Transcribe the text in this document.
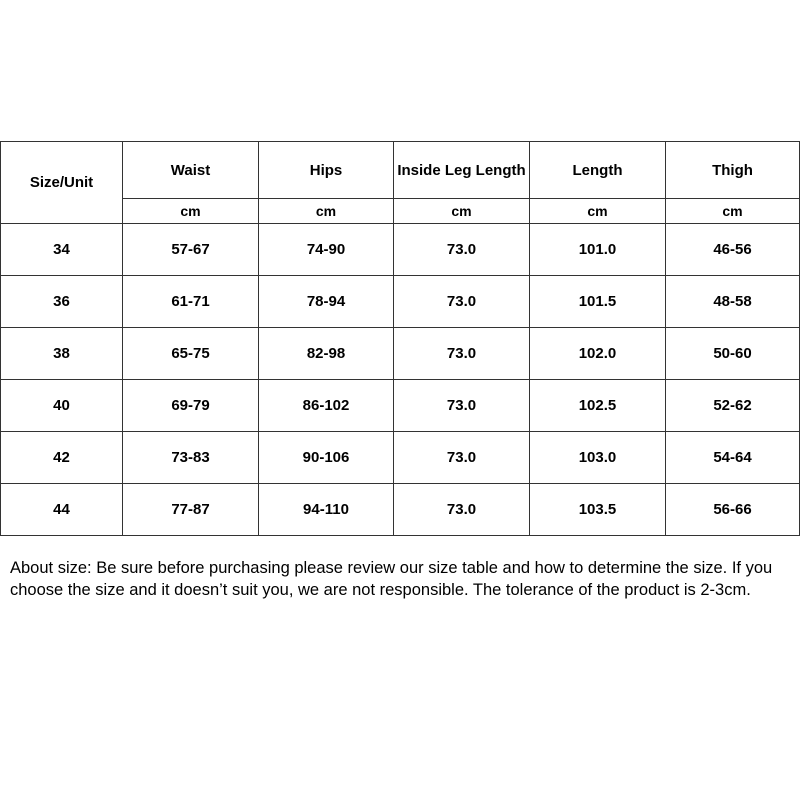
Size/Unit	Waist	Hips	Inside Leg Length	Length	Thigh
	cm	cm	cm	cm	cm
34	57-67	74-90	73.0	101.0	46-56
36	61-71	78-94	73.0	101.5	48-58
38	65-75	82-98	73.0	102.0	50-60
40	69-79	86-102	73.0	102.5	52-62
42	73-83	90-106	73.0	103.0	54-64
44	77-87	94-110	73.0	103.5	56-66

About size: Be sure before purchasing please review our size table and how to determine the size. If you choose the size and it doesn’t suit you, we are not responsible. The tolerance of the product is 2-3cm.
